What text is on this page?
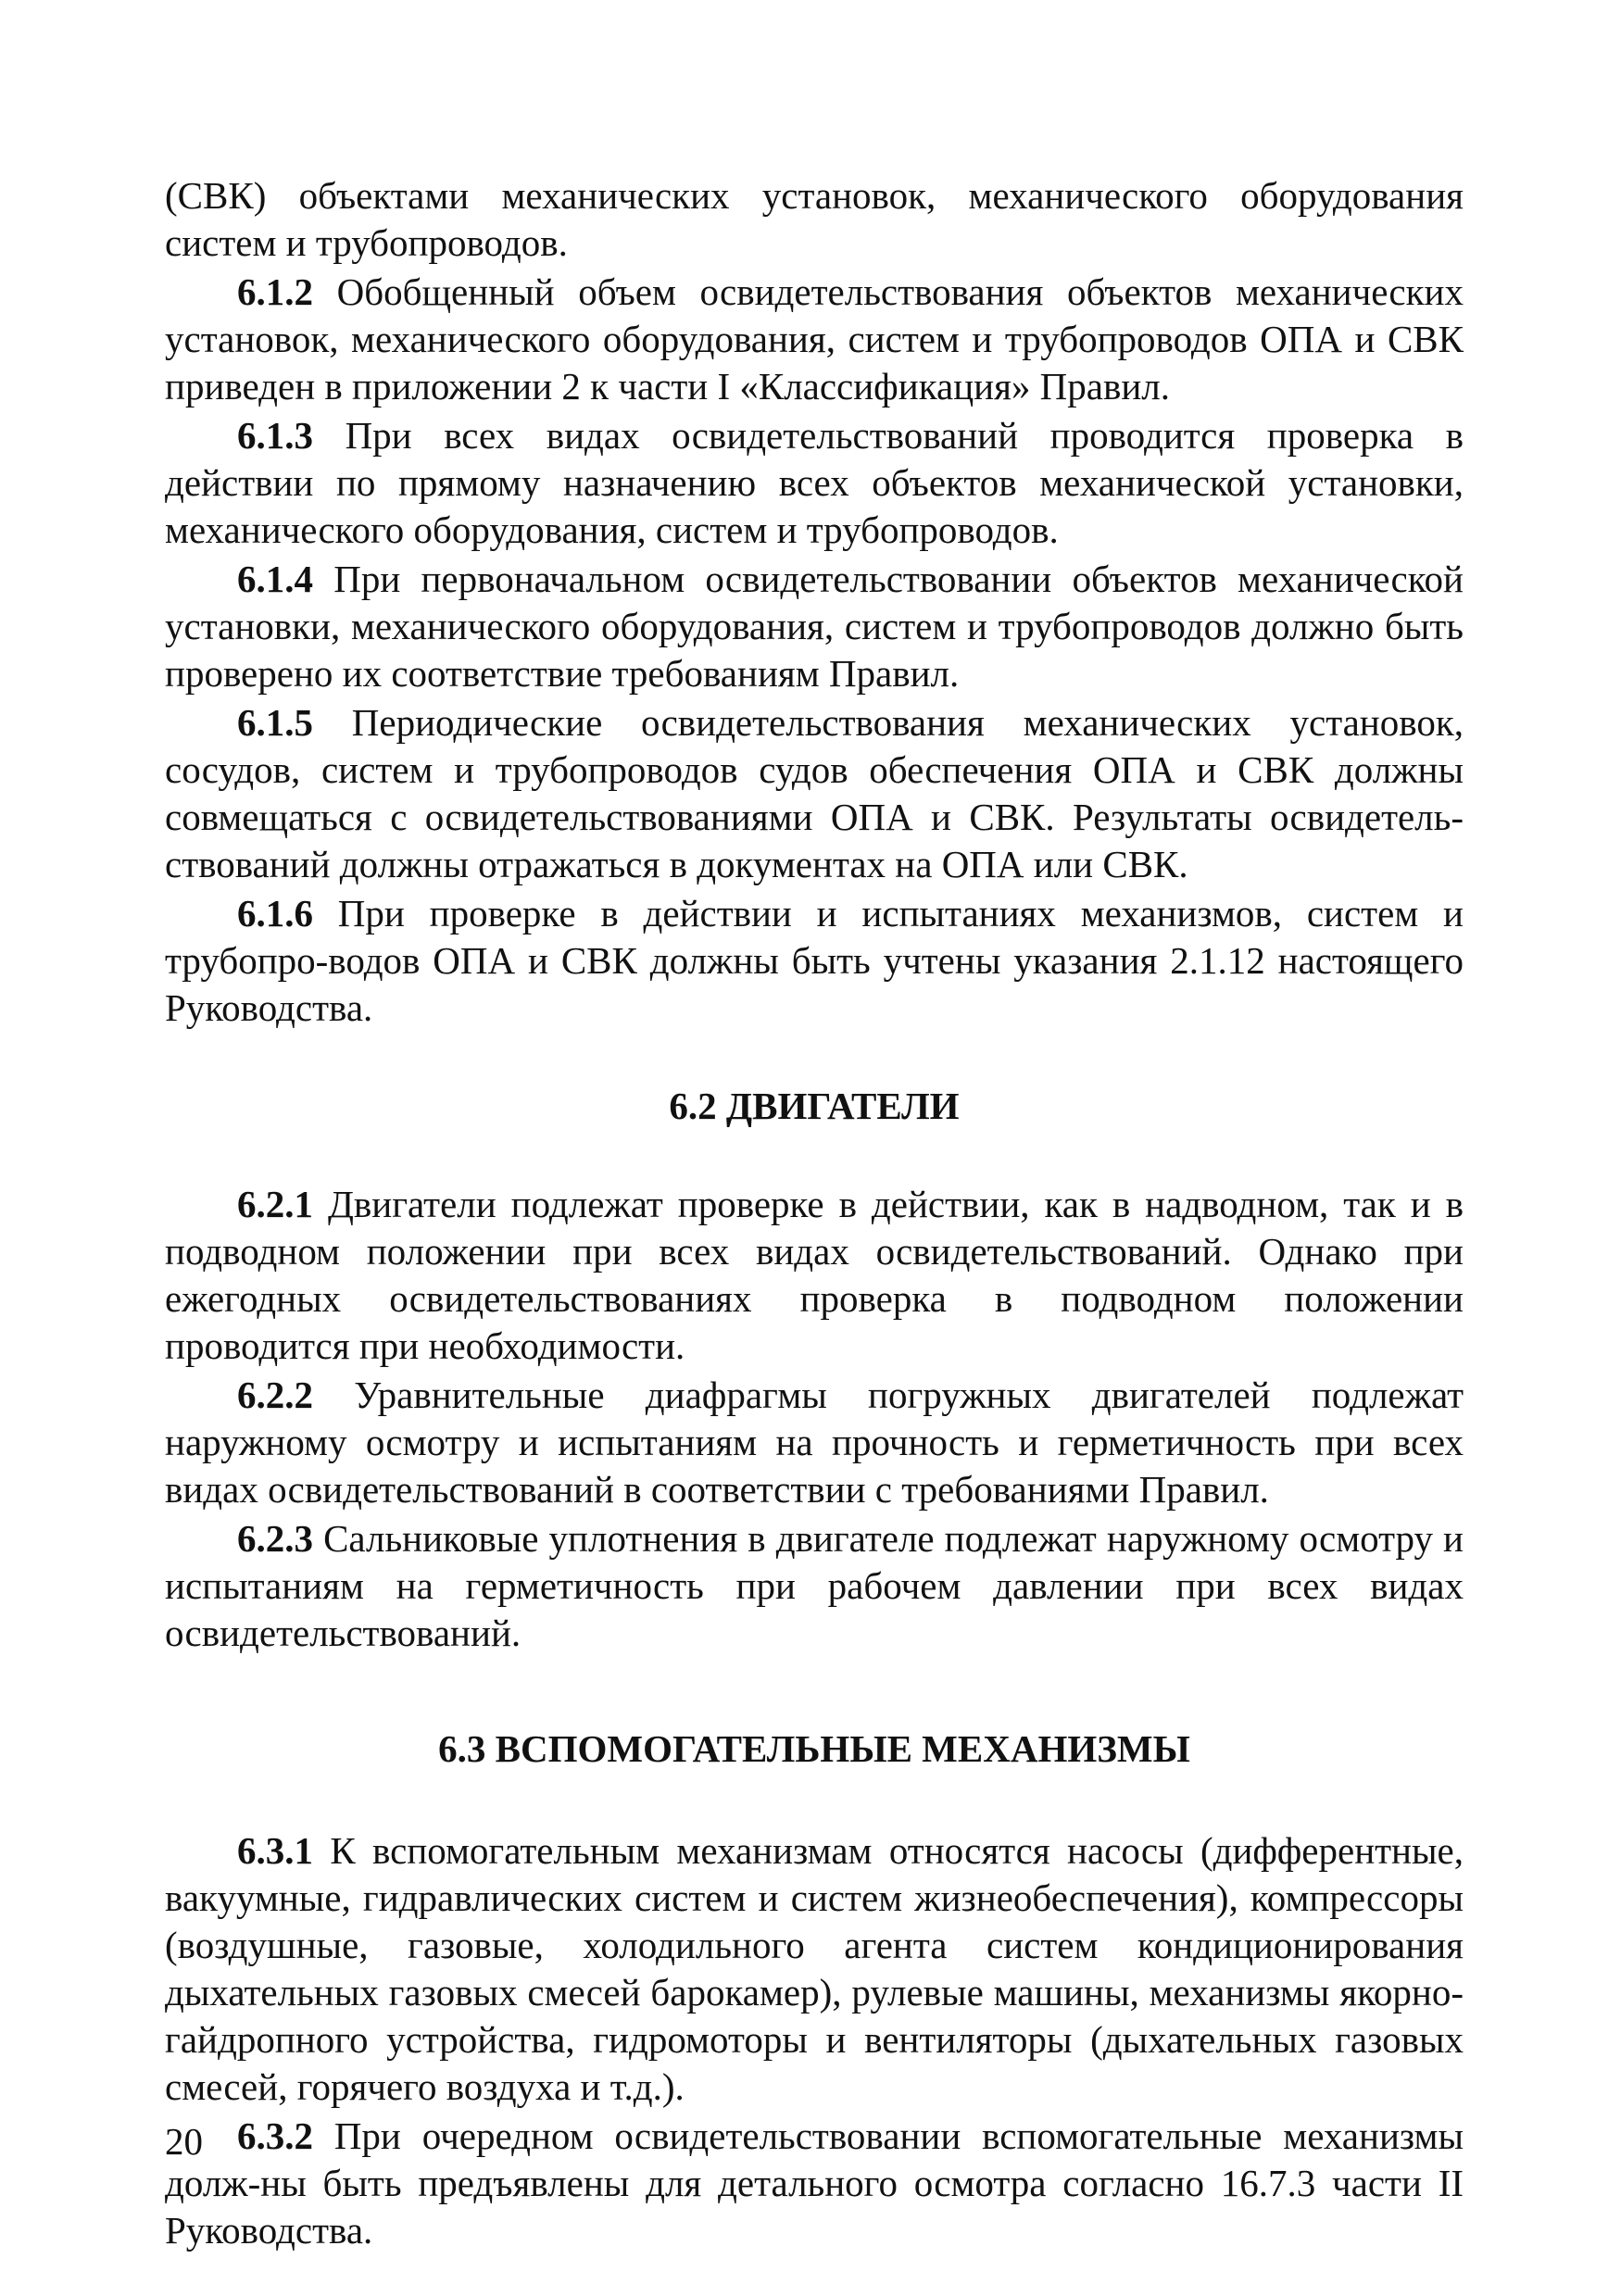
(СВК) объектами механических установок, механического оборудования систем и трубопроводов.

6.1.2 Обобщенный объем освидетельствования объектов механических установок, механического оборудования, систем и трубопроводов ОПА и СВК приведен в приложении 2 к части I «Классификация» Правил.

6.1.3 При всех видах освидетельствований проводится проверка в действии по прямому назначению всех объектов механической установки, механического оборудования, систем и трубопроводов.

6.1.4 При первоначальном освидетельствовании объектов механической установки, механического оборудования, систем и трубопроводов должно быть проверено их соответствие требованиям Правил.

6.1.5 Периодические освидетельствования механических установок, сосудов, систем и трубопроводов судов обеспечения ОПА и СВК должны совмещаться с освидетельствованиями ОПА и СВК. Результаты освидетель-ствований должны отражаться в документах на ОПА или СВК.

6.1.6 При проверке в действии и испытаниях механизмов, систем и трубопро-водов ОПА и СВК должны быть учтены указания 2.1.12 настоящего Руководства.

6.2 ДВИГАТЕЛИ

6.2.1 Двигатели подлежат проверке в действии, как в надводном, так и в подводном положении при всех видах освидетельствований. Однако при ежегодных освидетельствованиях проверка в подводном положении проводится при необходимости.

6.2.2 Уравнительные диафрагмы погружных двигателей подлежат наружному осмотру и испытаниям на прочность и герметичность при всех видах освидетельствований в соответствии с требованиями Правил.

6.2.3 Сальниковые уплотнения в двигателе подлежат наружному осмотру и испытаниям на герметичность при рабочем давлении при всех видах освидетельствований.

6.3 ВСПОМОГАТЕЛЬНЫЕ МЕХАНИЗМЫ

6.3.1 К вспомогательным механизмам относятся насосы (дифферентные, вакуумные, гидравлических систем и систем жизнеобеспечения), компрессоры (воздушные, газовые, холодильного агента систем кондиционирования дыхательных газовых смесей барокамер), рулевые машины, механизмы якорно-гайдропного устройства, гидромоторы и вентиляторы (дыхательных газовых смесей, горячего воздуха и т.д.).

6.3.2 При очередном освидетельствовании вспомогательные механизмы долж-ны быть предъявлены для детального осмотра согласно 16.7.3 части II Руководства.

20
